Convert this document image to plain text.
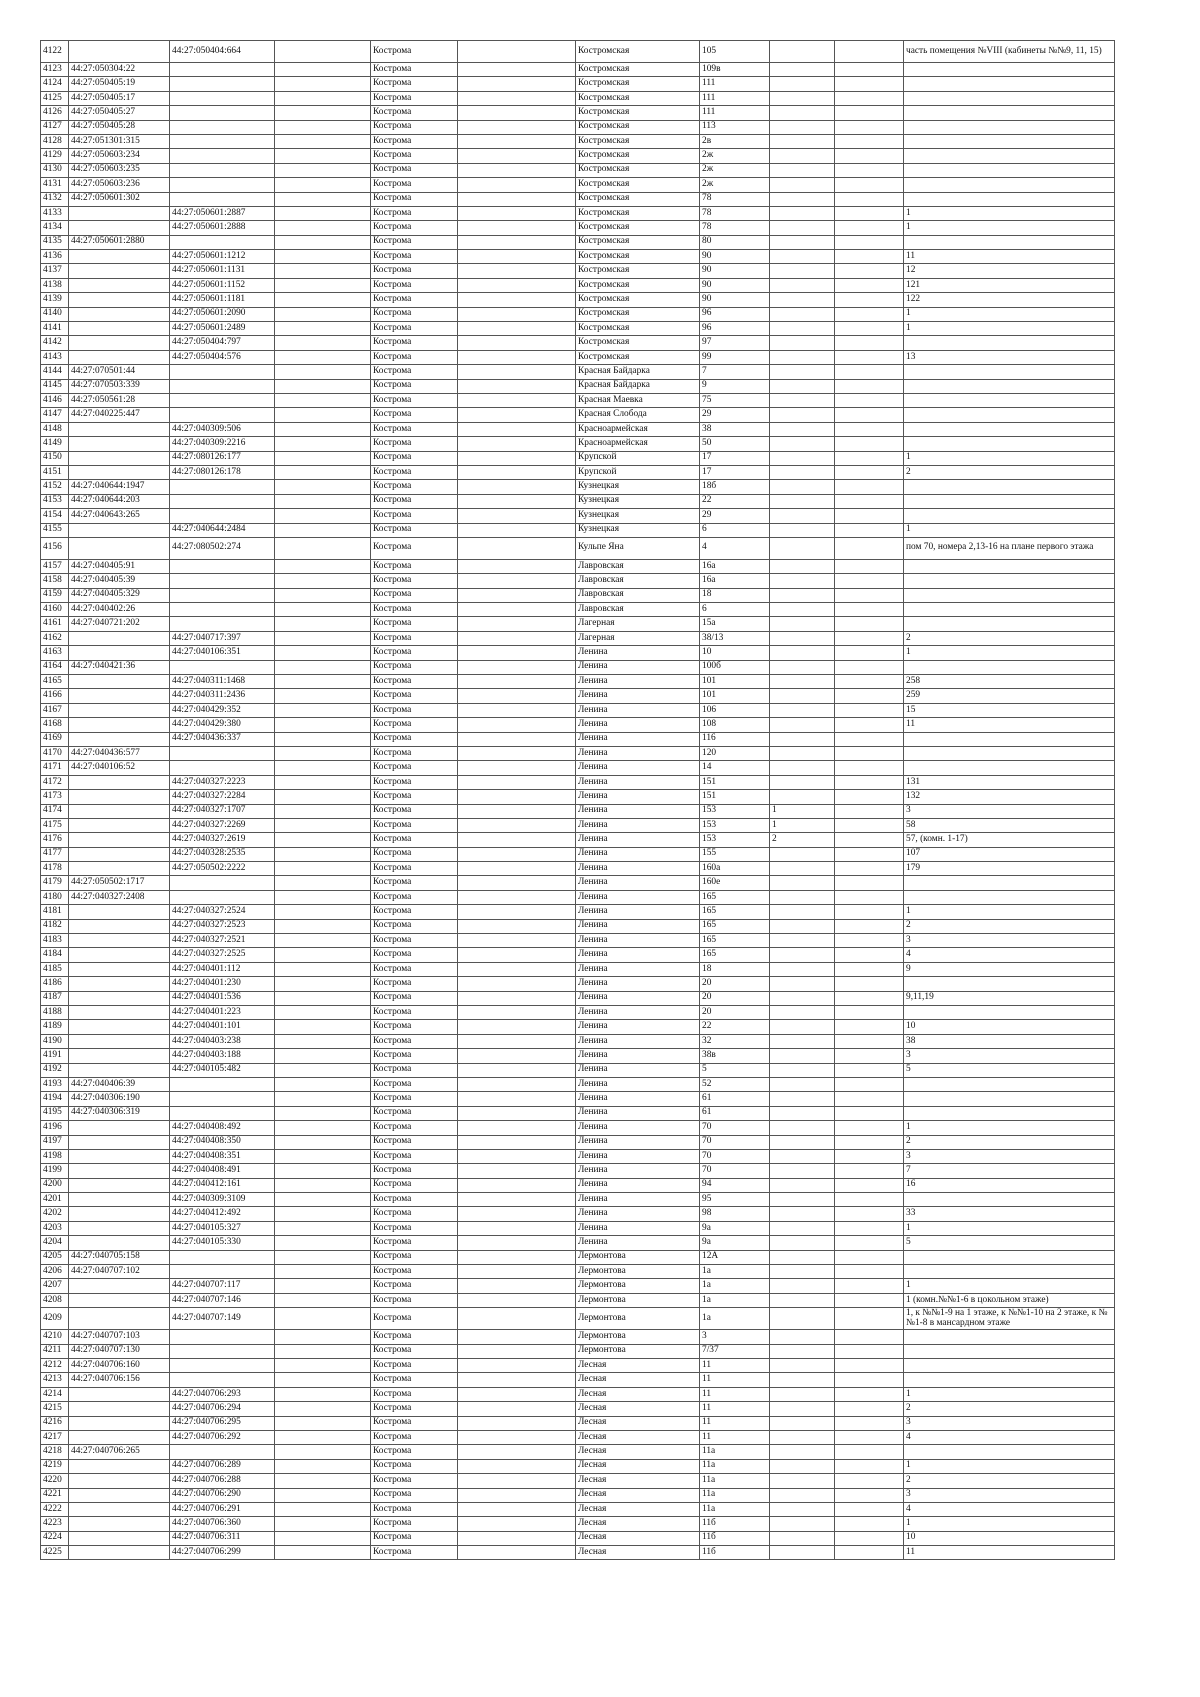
4122		44:27:050404:664		Кострома		Костромская	105			часть помещения №VIII (кабинеты №№9, 11, 15)
4123	44:27:050304:22			Кострома		Костромская	109в			
4124	44:27:050405:19			Кострома		Костромская	111			
4125	44:27:050405:17			Кострома		Костромская	111			
4126	44:27:050405:27			Кострома		Костромская	111			
4127	44:27:050405:28			Кострома		Костромская	113			
4128	44:27:051301:315			Кострома		Костромская	2в			
4129	44:27:050603:234			Кострома		Костромская	2ж			
4130	44:27:050603:235			Кострома		Костромская	2ж			
4131	44:27:050603:236			Кострома		Костромская	2ж			
4132	44:27:050601:302			Кострома		Костромская	78			
4133		44:27:050601:2887		Кострома		Костромская	78			1
4134		44:27:050601:2888		Кострома		Костромская	78			1
4135	44:27:050601:2880			Кострома		Костромская	80			
4136		44:27:050601:1212		Кострома		Костромская	90			11
4137		44:27:050601:1131		Кострома		Костромская	90			12
4138		44:27:050601:1152		Кострома		Костромская	90			121
4139		44:27:050601:1181		Кострома		Костромская	90			122
4140		44:27:050601:2090		Кострома		Костромская	96			1
4141		44:27:050601:2489		Кострома		Костромская	96			1
4142		44:27:050404:797		Кострома		Костромская	97			
4143		44:27:050404:576		Кострома		Костромская	99			13
4144	44:27:070501:44			Кострома		Красная Байдарка	7			
4145	44:27:070503:339			Кострома		Красная Байдарка	9			
4146	44:27:050561:28			Кострома		Красная Маевка	75			
4147	44:27:040225:447			Кострома		Красная Слобода	29			
4148		44:27:040309:506		Кострома		Красноармейская	38			
4149		44:27:040309:2216		Кострома		Красноармейская	50			
4150		44:27:080126:177		Кострома		Крупской	17			1
4151		44:27:080126:178		Кострома		Крупской	17			2
4152	44:27:040644:1947			Кострома		Кузнецкая	18б			
4153	44:27:040644:203			Кострома		Кузнецкая	22			
4154	44:27:040643:265			Кострома		Кузнецкая	29			
4155		44:27:040644:2484		Кострома		Кузнецкая	6			1
4156		44:27:080502:274		Кострома		Кульпе Яна	4			пом 70, номера 2,13-16 на плане первого этажа
4157	44:27:040405:91			Кострома		Лавровская	16а			
4158	44:27:040405:39			Кострома		Лавровская	16а			
4159	44:27:040405:329			Кострома		Лавровская	18			
4160	44:27:040402:26			Кострома		Лавровская	6			
4161	44:27:040721:202			Кострома		Лагерная	15а			
4162		44:27:040717:397		Кострома		Лагерная	38/13			2
4163		44:27:040106:351		Кострома		Ленина	10			1
4164	44:27:040421:36			Кострома		Ленина	100б			
4165		44:27:040311:1468		Кострома		Ленина	101			258
4166		44:27:040311:2436		Кострома		Ленина	101			259
4167		44:27:040429:352		Кострома		Ленина	106			15
4168		44:27:040429:380		Кострома		Ленина	108			11
4169		44:27:040436:337		Кострома		Ленина	116			
4170	44:27:040436:577			Кострома		Ленина	120			
4171	44:27:040106:52			Кострома		Ленина	14			
4172		44:27:040327:2223		Кострома		Ленина	151			131
4173		44:27:040327:2284		Кострома		Ленина	151			132
4174		44:27:040327:1707		Кострома		Ленина	153	1		3
4175		44:27:040327:2269		Кострома		Ленина	153	1		58
4176		44:27:040327:2619		Кострома		Ленина	153	2		57, (комн. 1-17)
4177		44:27:040328:2535		Кострома		Ленина	155			107
4178		44:27:050502:2222		Кострома		Ленина	160а			179
4179	44:27:050502:1717			Кострома		Ленина	160е			
4180	44:27:040327:2408			Кострома		Ленина	165			
4181		44:27:040327:2524		Кострома		Ленина	165			1
4182		44:27:040327:2523		Кострома		Ленина	165			2
4183		44:27:040327:2521		Кострома		Ленина	165			3
4184		44:27:040327:2525		Кострома		Ленина	165			4
4185		44:27:040401:112		Кострома		Ленина	18			9
4186		44:27:040401:230		Кострома		Ленина	20			
4187		44:27:040401:536		Кострома		Ленина	20			9,11,19
4188		44:27:040401:223		Кострома		Ленина	20			
4189		44:27:040401:101		Кострома		Ленина	22			10
4190		44:27:040403:238		Кострома		Ленина	32			38
4191		44:27:040403:188		Кострома		Ленина	38в			3
4192		44:27:040105:482		Кострома		Ленина	5			5
4193	44:27:040406:39			Кострома		Ленина	52			
4194	44:27:040306:190			Кострома		Ленина	61			
4195	44:27:040306:319			Кострома		Ленина	61			
4196		44:27:040408:492		Кострома		Ленина	70			1
4197		44:27:040408:350		Кострома		Ленина	70			2
4198		44:27:040408:351		Кострома		Ленина	70			3
4199		44:27:040408:491		Кострома		Ленина	70			7
4200		44:27:040412:161		Кострома		Ленина	94			16
4201		44:27:040309:3109		Кострома		Ленина	95			
4202		44:27:040412:492		Кострома		Ленина	98			33
4203		44:27:040105:327		Кострома		Ленина	9а			1
4204		44:27:040105:330		Кострома		Ленина	9а			5
4205	44:27:040705:158			Кострома		Лермонтова	12А			
4206	44:27:040707:102			Кострома		Лермонтова	1а			
4207		44:27:040707:117		Кострома		Лермонтова	1а			1
4208		44:27:040707:146		Кострома		Лермонтова	1а			1 (комн.№№1-6 в цокольном этаже)
4209		44:27:040707:149		Кострома		Лермонтова	1а			1, к №№1-9 на 1 этаже, к №№1-10 на 2 этаже, к №№1-8 в мансардном этаже
4210	44:27:040707:103			Кострома		Лермонтова	3			
4211	44:27:040707:130			Кострома		Лермонтова	7/37			
4212	44:27:040706:160			Кострома		Лесная	11			
4213	44:27:040706:156			Кострома		Лесная	11			
4214		44:27:040706:293		Кострома		Лесная	11			1
4215		44:27:040706:294		Кострома		Лесная	11			2
4216		44:27:040706:295		Кострома		Лесная	11			3
4217		44:27:040706:292		Кострома		Лесная	11			4
4218	44:27:040706:265			Кострома		Лесная	11а			
4219		44:27:040706:289		Кострома		Лесная	11а			1
4220		44:27:040706:288		Кострома		Лесная	11а			2
4221		44:27:040706:290		Кострома		Лесная	11а			3
4222		44:27:040706:291		Кострома		Лесная	11а			4
4223		44:27:040706:360		Кострома		Лесная	11б			1
4224		44:27:040706:311		Кострома		Лесная	11б			10
4225		44:27:040706:299		Кострома		Лесная	11б			11
